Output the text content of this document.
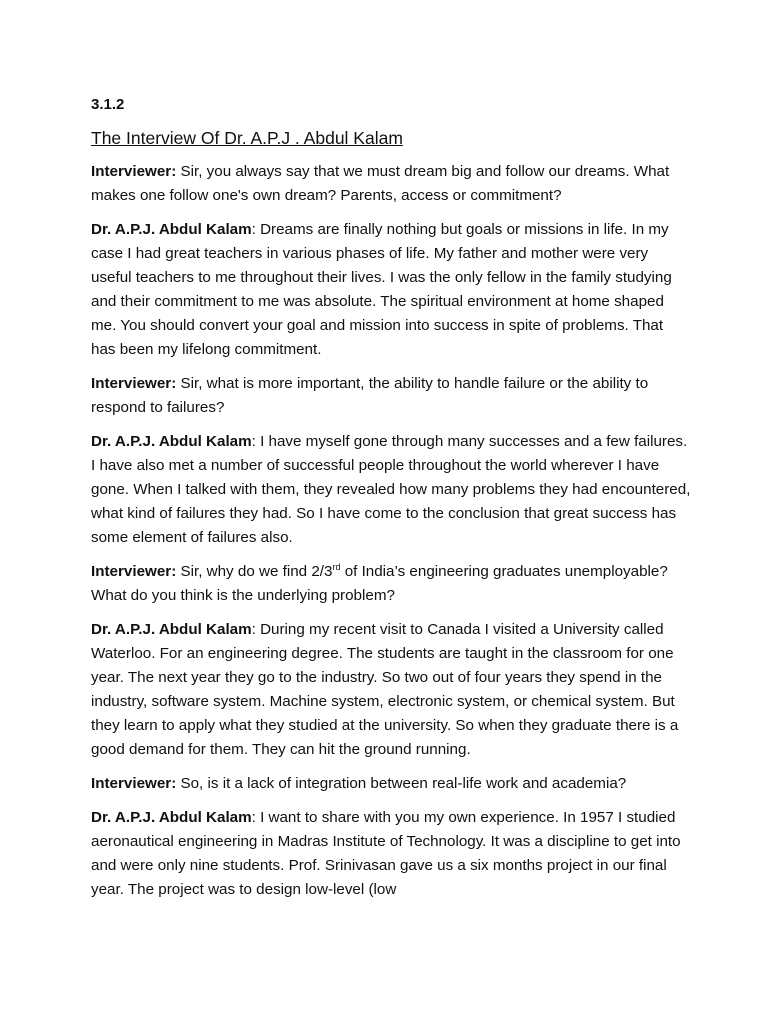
3.1.2
The Interview Of Dr. A.P.J . Abdul Kalam

Interviewer: Sir, you always say that we must dream big and follow our dreams. What makes one follow one's own dream? Parents, access or commitment?

Dr. A.P.J. Abdul Kalam: Dreams are finally nothing but goals or missions in life. In my case I had great teachers in various phases of life. My father and mother were very useful teachers to me throughout their lives. I was the only fellow in the family studying and their commitment to me was absolute. The spiritual environment at home shaped me. You should convert your goal and mission into success in spite of problems. That has been my lifelong commitment.

Interviewer: Sir, what is more important, the ability to handle failure or the ability to respond to failures?

Dr. A.P.J. Abdul Kalam: I have myself gone through many successes and a few failures. I have also met a number of successful people throughout the world wherever I have gone. When I talked with them, they revealed how many problems they had encountered, what kind of failures they had. So I have come to the conclusion that great success has some element of failures also.

Interviewer: Sir, why do we find 2/3rd of India’s engineering graduates unemployable? What do you think is the underlying problem?

Dr. A.P.J. Abdul Kalam: During my recent visit to Canada I visited a University called Waterloo. For an engineering degree. The students are taught in the classroom for one year. The next year they go to the industry. So two out of four years they spend in the industry, software system. Machine system, electronic system, or chemical system. But they learn to apply what they studied at the university. So when they graduate there is a good demand for them. They can hit the ground running.

Interviewer: So, is it a lack of integration between real-life work and academia?

Dr. A.P.J. Abdul Kalam: I want to share with you my own experience. In 1957 I studied aeronautical engineering in Madras Institute of Technology. It was a discipline to get into and were only nine students. Prof. Srinivasan gave us a six months project in our final year. The project was to design low-level (low
